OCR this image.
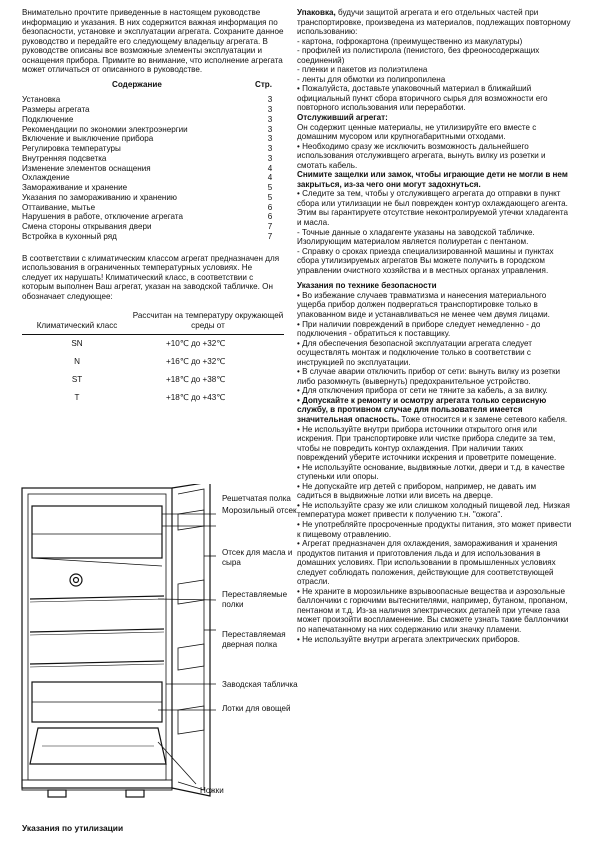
Внимательно прочтите приведенные в настоящем руководстве информацию и указания. В них содержится важная информация по безопасности, установке и эксплуатации агрегата. Сохраните данное руководство и передайте его следующему владельцу агрегата. В руководстве описаны все возможные элементы эксплуатации и оснащения прибора. Примите во внимание, что исполнение агрегата может отличаться от описанного в руководстве.

Содержание	Стр.
Установка	3
Размеры агрегата	3
Подключение	3
Рекомендации по экономии электроэнергии	3
Включение и выключение прибора	3
Регулировка температуры	3
Внутренняя подсветка	3
Изменение элементов оснащения	4
Охлаждение	4
Замораживание и хранение	5
Указания по замораживанию и хранению	5
Оттаивание, мытье	6
Нарушения в работе, отключение агрегата	6
Смена стороны открывания двери	7
Встройка в кухонный ряд	7

В соответствии с климатическим классом агрегат предназначен для использования в ограниченных температурных условиях. Не следует их нарушать! Климатический класс, в соответствии с которым выполнен Ваш агрегат, указан на заводской табличке. Он обозначает следующее:

Климатический класс	Рассчитан на температуру окружающей среды от
SN	+10℃ до +32℃
N	+16℃ до +32℃
ST	+18℃ до +38℃
T	+18℃ до +43℃
Решетчатая полка
Морозильный отсек
Отсек для масла и
сыра
Переставляемые
полки
Переставляемая
дверная полка
Заводская табличка
Лотки для овощей
Ножки
Указания по утилизации

Упаковка, будучи защитой агрегата и его отдельных частей при транспортировке, произведена из материалов, подлежащих повторному использованию:

- картона, гофрокартона (преимущественно из макулатуры)

- профилей из полистирола (пенистого, без фреоносодержащих соединений)

- пленки и пакетов из полиэтилена

- ленты для обмотки из полипропилена

• Пожалуйста, доставьте упаковочный материал в ближайший официальный пункт сбора вторичного сырья для возможности его повторного использования или переработки.

Отслуживший агрегат:

Он содержит ценные материалы, не утилизируйте его вместе с домашним мусором или крупногабаритными отходами.

• Необходимо сразу же исключить возможность дальнейшего использования отслуживщего агрегата, вынуть вилку из розетки и смотать кабель.

Снимите защелки или замок, чтобы играющие дети не могли в нем закрыться, из-за чего они могут задохнуться.

• Следите за тем, чтобы у отслуживщего агрегата до отправки в пункт сбора или утилизации не был поврежден контур охлаждающего агента. Этим вы гарантируете отсутствие неконтролируемой утечки хладагента и масла.

- Точные данные о хладагенте указаны на заводской табличке. Изолирующим материалом является полиуретан с пентаном.

- Справку о сроках приезда специализированной машины и пунктах сбора утилизируемых агрегатов Вы можете получить в городском управлении очистного хозяйства и в местных органах управления.

Указания по технике безопасности

• Во избежание случаев травматизма и нанесения материального ущерба прибор должен подвергаться транспортировке только в упакованном виде и устанавливаться не менее чем двумя лицами.

• При наличии повреждений в приборе следует немедленно - до подключения - обратиться к поставщику.

• Для обеспечения безопасной эксплуатации агрегата следует осуществлять монтаж и подключение только в соответствии с инструкцией по эксплуатации.

• В случае аварии отключить прибор от сети: вынуть вилку из розетки либо разомкнуть (вывернуть) предохранительное устройство.

• Для отключения прибора от сети не тяните за кабель, а за вилку.

• Допускайте к ремонту и осмотру агрегата только сервисную службу, в противном случае для пользователя имеется значительная опасность. Тоже относится и к замене сетевого кабеля.

• Не используйте внутри прибора источники открытого огня или искрения. При транспортировке или чистке прибора следите за тем, чтобы не повредить контур охлаждения. При наличии таких повреждений уберите источники искрения и проветрите помещение.

• Не используйте основание, выдвижные лотки, двери и т.д. в качестве ступеньки или опоры.

• Не допускайте игр детей с прибором, например, не давать им садиться в выдвижные лотки или висеть на дверце.

• Не используйте сразу же или слишком холодный пищевой лед. Низкая температура может привести к получению т.н. "ожога".

• Не употребляйте просроченные продукты питания, это может привести к пищевому отравлению.

• Агрегат предназначен для охлаждения, замораживания и хранения продуктов питания и приготовления льда и для использования в домашних условиях. При использовании в промышленных условиях следует соблюдать положения, действующие для соответствующей отрасли.

• Не храните в морозильнике взрывоопасные вещества и аэрозольные баллончики с горючими вытеснителями, например, бутаном, пропаном, пентаном и т.д. Из-за наличия электрических деталей при утечке газа может произойти воспламенение. Вы сможете узнать такие баллончики по напечатанному на них содержанию или значку пламени.

• Не используйте внутри агрегата электрических приборов.
